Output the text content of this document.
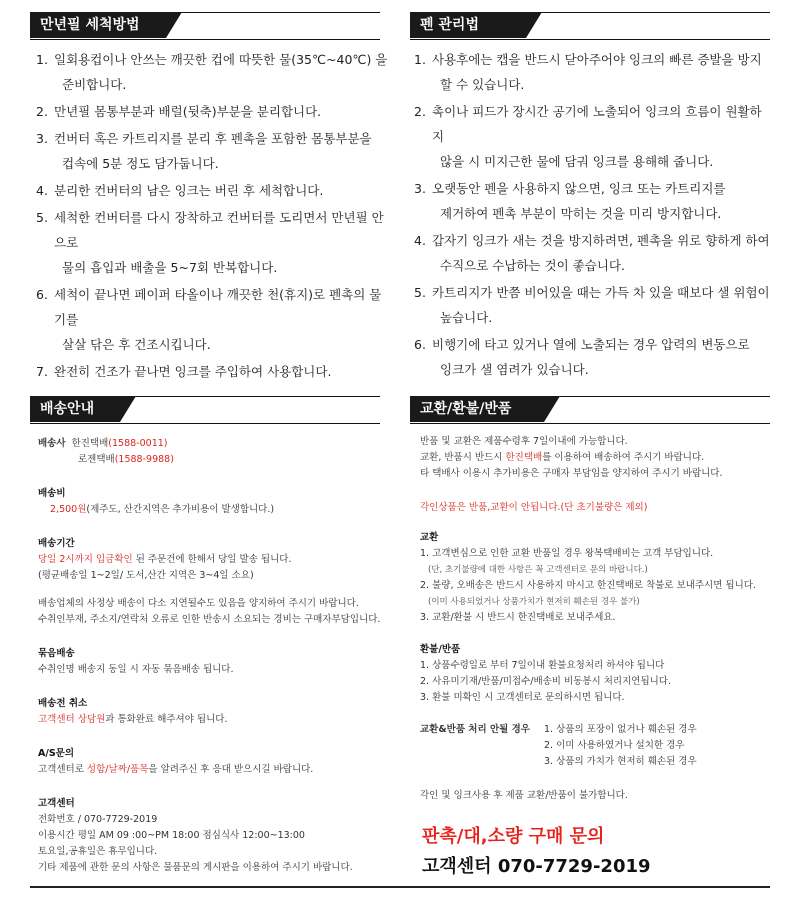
만년필 세척방법	펜 관리법
배송안내	교환/환불/반품
1. 일회용컵이나 안쓰는 깨끗한 컵에 따뜻한 물(35℃~40℃) 을
준비합니다.
2. 만년필 몸통부분과 배럴(뒷축)부분을 분리합니다.
3. 컨버터 혹은 카트리지를 분리 후 펜촉을 포함한 몸통부분을
컵속에 5분 정도 담가둡니다.
4. 분리한 컨버터의 남은 잉크는 버린 후 세척합니다.
5. 세척한 컨버터를 다시 장착하고 컨버터를 도리면서 만년필 안으로
물의 흡입과 배출을 5~7회 반복합니다.
6. 세척이 끝나면 페이퍼 타올이나 깨끗한 천(휴지)로 펜촉의 물기를
살살 닦은 후 건조시킵니다.
7. 완전히 건조가 끝나면 잉크를 주입하여 사용합니다.
1. 사용후에는 캡을 반드시 닫아주어야 잉크의 빠른 증발을 방지
할 수 있습니다.
2. 촉이나 피드가 장시간 공기에 노출되어 잉크의 흐름이 원활하지
않을 시 미지근한 물에 담궈 잉크를 용해해 줍니다.
3. 오랫동안 펜을 사용하지 않으면, 잉크 또는 카트리지를
제거하여 펜촉 부분이 막히는 것을 미리 방지합니다.
4. 갑자기 잉크가 새는 것을 방지하려면, 펜촉을 위로 향하게 하여
수직으로 수납하는 것이 좋습니다.
5. 카트리지가 반쯤 비어있을 때는 가득 차 있을 때보다 샐 위험이
높습니다.
6. 비행기에 타고 있거나 열에 노출되는 경우 압력의 변동으로
잉크가 샐 염려가 있습니다.
배송사 한진택배(1588-0011)
로젠택배(1588-9988)
배송비
2,500원(제주도, 산간지역은 추가비용이 발생합니다.)
배송기간
당일 2시까지 입금확인 된 주문건에 한해서 당일 발송 됩니다.
(평균배송일 1~2일/ 도서,산간 지역은 3~4일 소요)
배송업체의 사정상 배송이 다소 지연될수도 있음을 양지하여 주시기 바랍니다.
수취인부재, 주소지/연락처 오류로 인한 반송시 소요되는 경비는 구매자부담입니다.
묶음배송
수취인명 배송지 동일 시 자동 묶음배송 됩니다.
배송전 취소
고객센터 상담원과 통화완료 해주셔야 됩니다.
A/S문의
고객센터로 성함/날짜/품목을 알려주신 후 응대 받으시길 바랍니다.
고객센터
전화번호 / 070-7729-2019
이용시간 평일 AM 09 :00~PM 18:00 점심식사 12:00~13:00
토요일,공휴일은 휴무입니다.
기타 제품에 관한 문의 사항은 물품문의 게시판을 이용하여 주시기 바랍니다.
반품 및 교환은 제품수령후 7일이내에 가능합니다.
교환, 반품시 반드시 한진택배를 이용하여 배송하여 주시기 바랍니다.
타 택배사 이용시 추가비용은 구매자 부담임을 양지하여 주시기 바랍니다.
각인상품은 반품,교환이 안됩니다.(단 초기불량은 제외)
교환
1. 고객변심으로 인한 교환 반품일 경우 왕복택배비는 고객 부담입니다.
(단, 초기불량에 대한 사항은 꼭 고객센터로 문의 바랍니다.)
2. 불량, 오배송은 반드시 사용하지 마시고 한진택배로 착불로 보내주시면 됩니다.
(이미 사용되었거나 상품가치가 현저히 훼손된 경우 불가)
3. 교환/환불 시 반드시 한진택배로 보내주세요.
환불/반품
1. 상품수령일로 부터 7일이내 환불요청처리 하셔야 됩니다
2. 사유미기재/반품/미접수/배송비 비동봉시 처리지연됩니다.
3. 환불 미확인 시 고객센터로 문의하시면 됩니다.
교환&반품 처리 안될 경우 1. 상품의 포장이 없거나 훼손된 경우
2. 이미 사용하였거나 설치한 경우
3. 상품의 가치가 현저히 훼손된 경우
각인 및 잉크사용 후 제품 교환/반품이 불가합니다.
판촉/대,소량 구매 문의
고객센터 070-7729-2019
